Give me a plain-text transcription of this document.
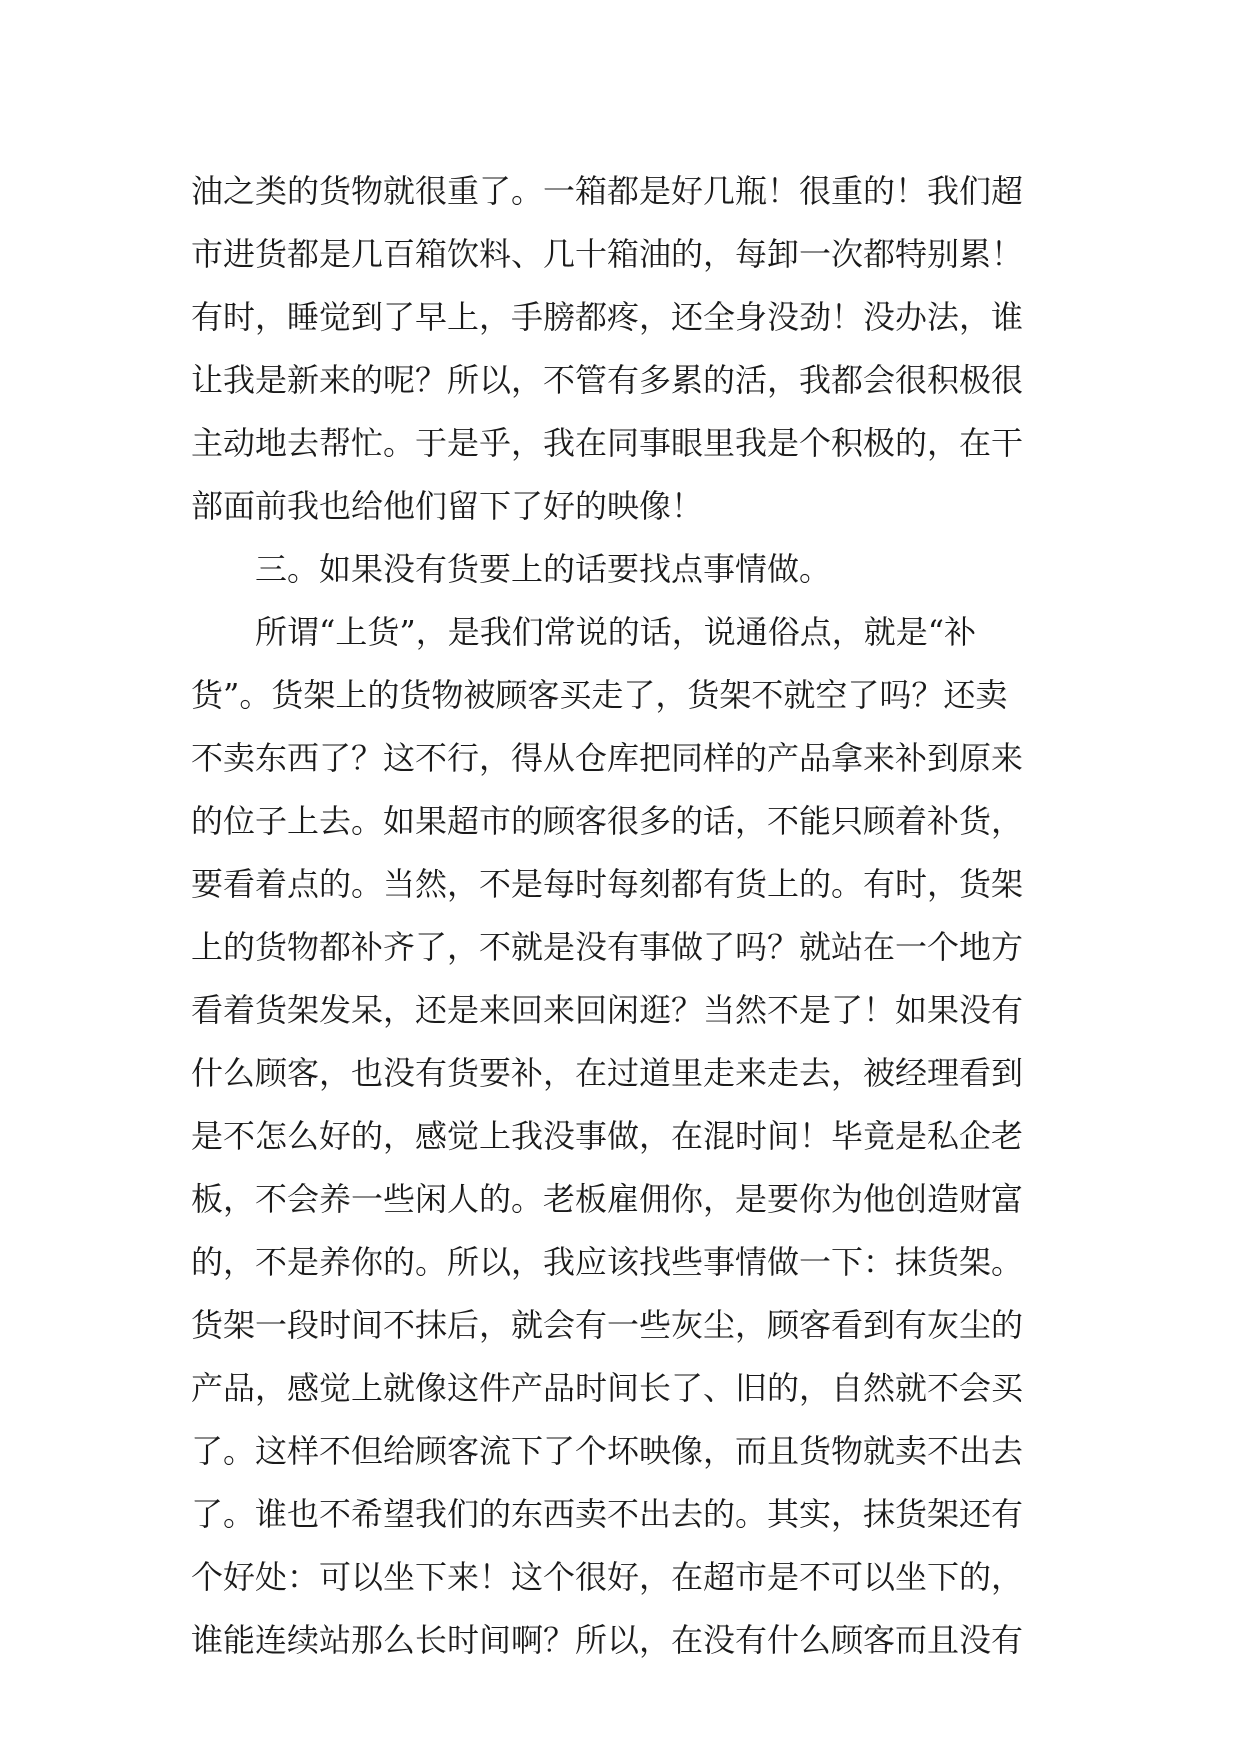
油之类的货物就很重了。一箱都是好几瓶！很重的！我们超
市进货都是几百箱饮料、几十箱油的，每卸一次都特别累！
有时，睡觉到了早上，手膀都疼，还全身没劲！没办法，谁
让我是新来的呢？所以，不管有多累的活，我都会很积极很
主动地去帮忙。于是乎，我在同事眼里我是个积极的，在干
部面前我也给他们留下了好的映像！
三。如果没有货要上的话要找点事情做。
所谓“上货”，是我们常说的话，说通俗点，就是“补
货”。货架上的货物被顾客买走了，货架不就空了吗？还卖
不卖东西了？这不行，得从仓库把同样的产品拿来补到原来
的位子上去。如果超市的顾客很多的话，不能只顾着补货，
要看着点的。当然，不是每时每刻都有货上的。有时，货架
上的货物都补齐了，不就是没有事做了吗？就站在一个地方
看着货架发呆，还是来回来回闲逛？当然不是了！如果没有
什么顾客，也没有货要补，在过道里走来走去，被经理看到
是不怎么好的，感觉上我没事做，在混时间！毕竟是私企老
板，不会养一些闲人的。老板雇佣你，是要你为他创造财富
的，不是养你的。所以，我应该找些事情做一下：抹货架。
货架一段时间不抹后，就会有一些灰尘，顾客看到有灰尘的
产品，感觉上就像这件产品时间长了、旧的，自然就不会买
了。这样不但给顾客流下了个坏映像，而且货物就卖不出去
了。谁也不希望我们的东西卖不出去的。其实，抹货架还有
个好处：可以坐下来！这个很好，在超市是不可以坐下的，
谁能连续站那么长时间啊？所以，在没有什么顾客而且没有
